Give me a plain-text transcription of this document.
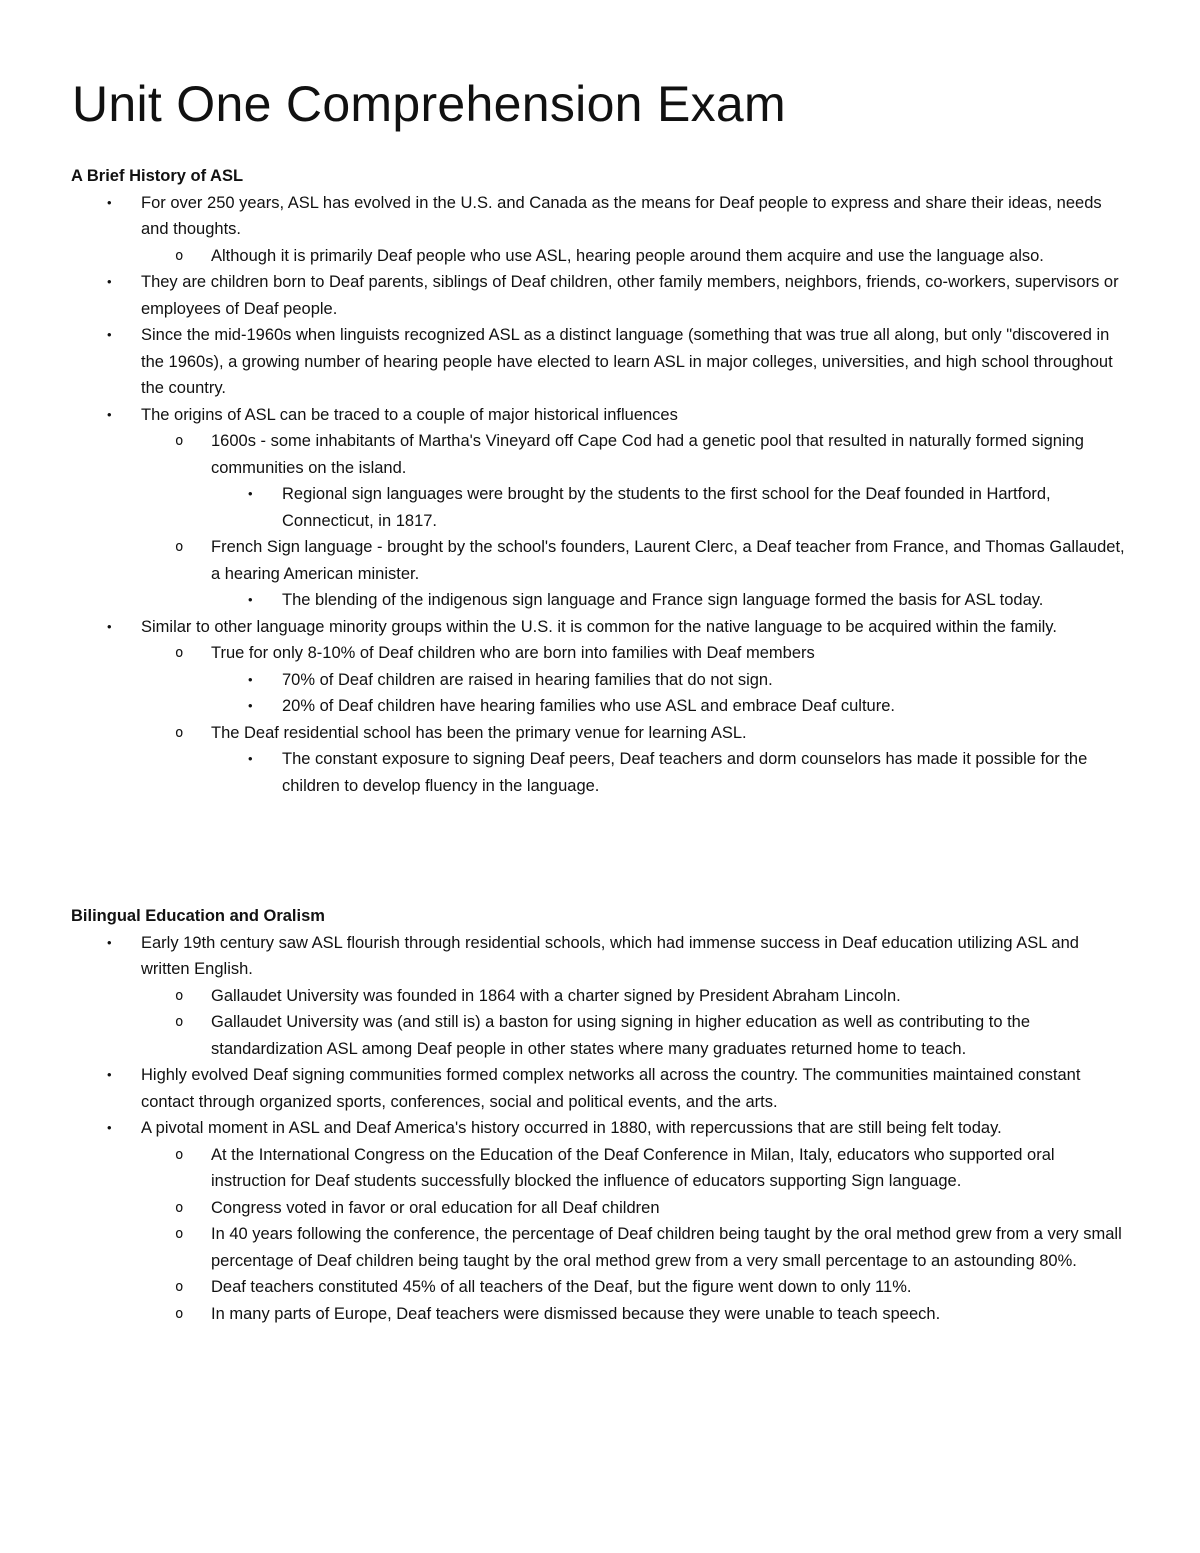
Unit One Comprehension Exam
A Brief History of ASL
• For over 250 years, ASL has evolved in the U.S. and Canada as the means for Deaf people to express and share their ideas, needs and thoughts.
o Although it is primarily Deaf people who use ASL, hearing people around them acquire and use the language also.
• They are children born to Deaf parents, siblings of Deaf children, other family members, neighbors, friends, co-workers, supervisors or employees of Deaf people.
• Since the mid-1960s when linguists recognized ASL as a distinct language (something that was true all along, but only "discovered in the 1960s), a growing number of hearing people have elected to learn ASL in major colleges, universities, and high school throughout the country.
• The origins of ASL can be traced to a couple of major historical influences
o 1600s - some inhabitants of Martha's Vineyard off Cape Cod had a genetic pool that resulted in naturally formed signing communities on the island.
• Regional sign languages were brought by the students to the first school for the Deaf founded in Hartford, Connecticut, in 1817.
o French Sign language - brought by the school's founders, Laurent Clerc, a Deaf teacher from France, and Thomas Gallaudet, a hearing American minister.
• The blending of the indigenous sign language and France sign language formed the basis for ASL today.
• Similar to other language minority groups within the U.S. it is common for the native language to be acquired within the family.
o True for only 8-10% of Deaf children who are born into families with Deaf members
• 70% of Deaf children are raised in hearing families that do not sign.
• 20% of Deaf children have hearing families who use ASL and embrace Deaf culture.
o The Deaf residential school has been the primary venue for learning ASL.
• The constant exposure to signing Deaf peers, Deaf teachers and dorm counselors has made it possible for the children to develop fluency in the language.
Bilingual Education and Oralism
• Early 19th century saw ASL flourish through residential schools, which had immense success in Deaf education utilizing ASL and written English.
o Gallaudet University was founded in 1864 with a charter signed by President Abraham Lincoln.
o Gallaudet University was (and still is) a baston for using signing in higher education as well as contributing to the standardization ASL among Deaf people in other states where many graduates returned home to teach.
• Highly evolved Deaf signing communities formed complex networks all across the country. The communities maintained constant contact through organized sports, conferences, social and political events, and the arts.
• A pivotal moment in ASL and Deaf America's history occurred in 1880, with repercussions that are still being felt today.
o At the International Congress on the Education of the Deaf Conference in Milan, Italy, educators who supported oral instruction for Deaf students successfully blocked the influence of educators supporting Sign language.
o Congress voted in favor or oral education for all Deaf children
o In 40 years following the conference, the percentage of Deaf children being taught by the oral method grew from a very small percentage of Deaf children being taught by the oral method grew from a very small percentage to an astounding 80%.
o Deaf teachers constituted 45% of all teachers of the Deaf, but the figure went down to only 11%.
o In many parts of Europe, Deaf teachers were dismissed because they were unable to teach speech.
